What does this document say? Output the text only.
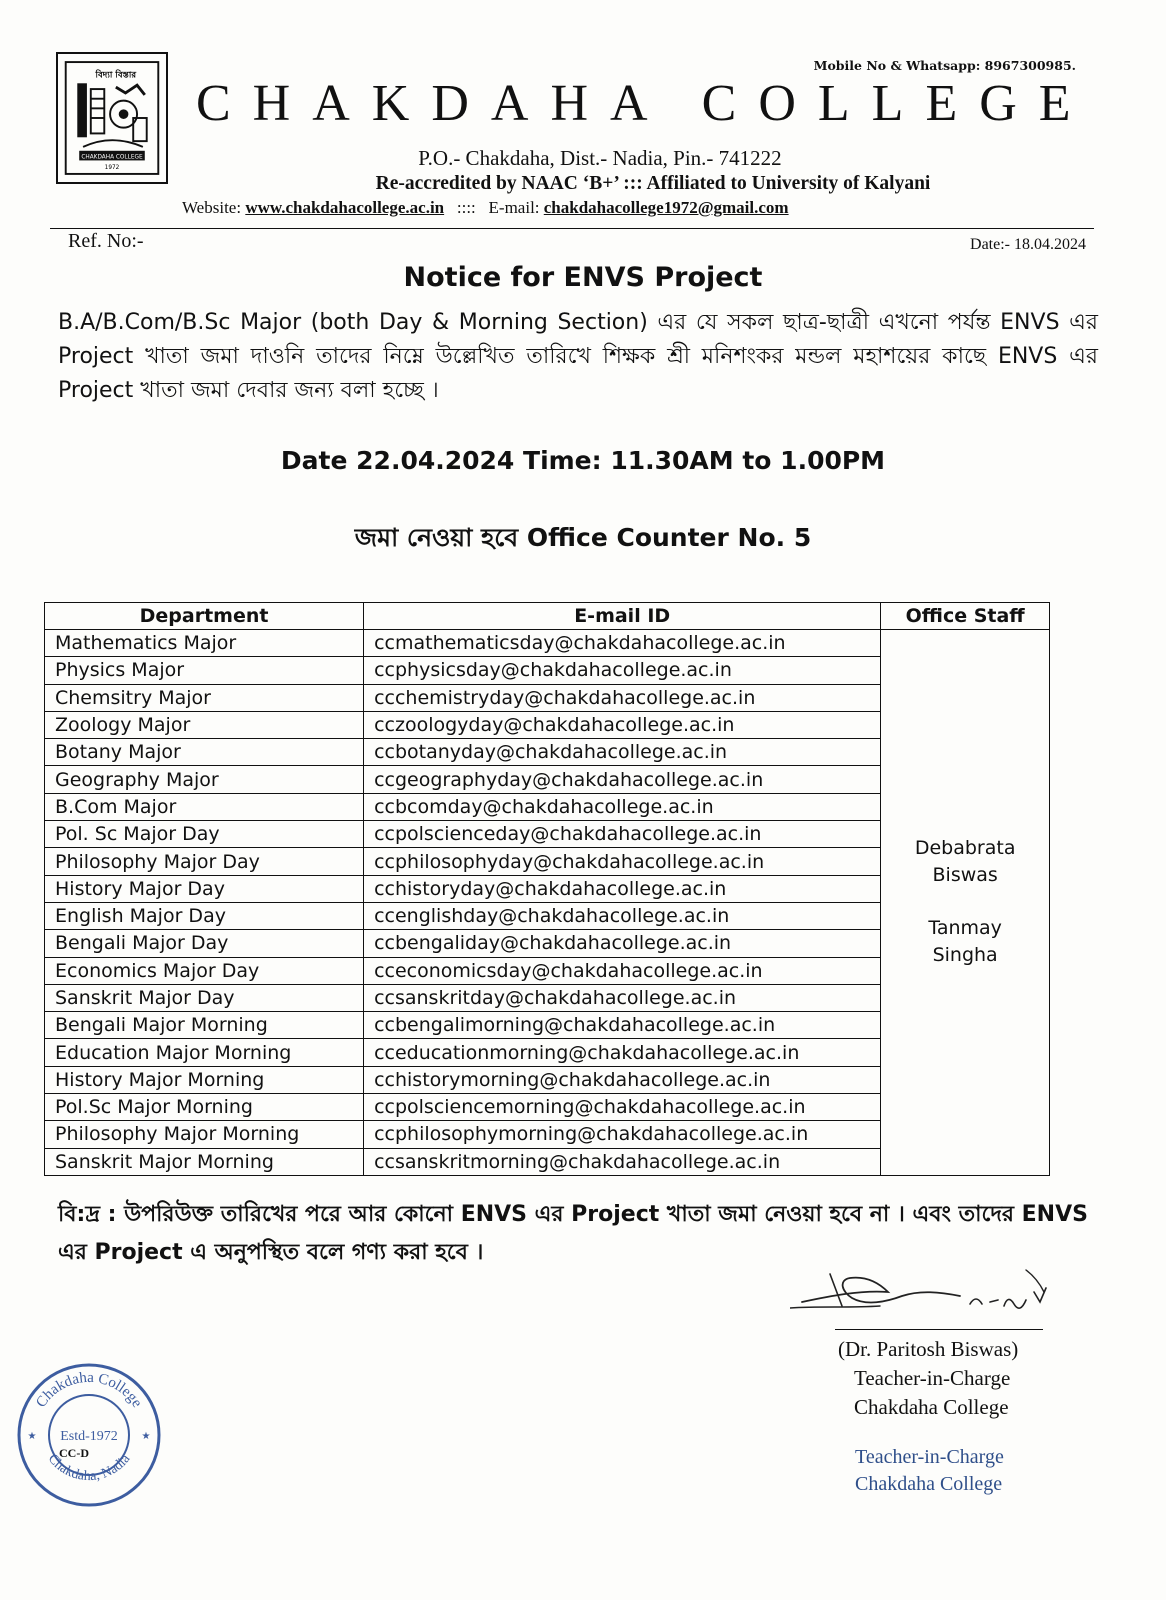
বিদ্যা বিস্তার
CHAKDAHA COLLEGE
1972
Mobile No & Whatsapp: 8967300985.
CHAKDAHA COLLEGE
P.O.- Chakdaha, Dist.- Nadia, Pin.- 741222
Re-accredited by NAAC ‘B+’ ::: Affiliated to University of Kalyani
Website: www.chakdahacollege.ac.in :::: E-mail: chakdahacollege1972@gmail.com
Ref. No:-	Date:- 18.04.2024
Notice for ENVS Project
B.A/B.Com/B.Sc Major (both Day & Morning Section) এর যে সকল ছাত্র-ছাত্রী এখনো পর্যন্ত ENVS এর Project খাতা জমা দাওনি তাদের নিম্নে উল্লেখিত তারিখে শিক্ষক শ্রী মনিশংকর মন্ডল মহাশয়ের কাছে ENVS এর Project খাতা জমা দেবার জন্য বলা হচ্ছে ।
Date 22.04.2024 Time: 11.30AM to 1.00PM
জমা নেওয়া হবে Office Counter No. 5
Department	E-mail ID	Office Staff
Mathematics Major	ccmathematicsday@chakdahacollege.ac.in	Debabrata
Biswas
Tanmay
Singha

Physics Major	ccphysicsday@chakdahacollege.ac.in	
Chemsitry Major	ccchemistryday@chakdahacollege.ac.in	
Zoology Major	cczoologyday@chakdahacollege.ac.in	
Botany Major	ccbotanyday@chakdahacollege.ac.in	
Geography Major	ccgeographyday@chakdahacollege.ac.in	
B.Com Major	ccbcomday@chakdahacollege.ac.in	
Pol. Sc Major Day	ccpolscienceday@chakdahacollege.ac.in	
Philosophy Major Day	ccphilosophyday@chakdahacollege.ac.in	
History Major Day	cchistoryday@chakdahacollege.ac.in	
English Major Day	ccenglishday@chakdahacollege.ac.in	
Bengali Major Day	ccbengaliday@chakdahacollege.ac.in	
Economics Major Day	cceconomicsday@chakdahacollege.ac.in	
Sanskrit Major Day	ccsanskritday@chakdahacollege.ac.in	
Bengali Major Morning	ccbengalimorning@chakdahacollege.ac.in	
Education Major Morning	cceducationmorning@chakdahacollege.ac.in	
History Major Morning	cchistorymorning@chakdahacollege.ac.in	
Pol.Sc Major Morning	ccpolsciencemorning@chakdahacollege.ac.in	
Philosophy Major Morning	ccphilosophymorning@chakdahacollege.ac.in	
Sanskrit Major Morning	ccsanskritmorning@chakdahacollege.ac.in	
বি:দ্র : উপরিউক্ত তারিখের পরে আর কোনো ENVS এর Project খাতা জমা নেওয়া হবে না । এবং তাদের ENVS এর Project এ অনুপস্থিত বলে গণ্য করা হবে ।
(Dr. Paritosh Biswas)
Teacher-in-Charge
Chakdaha College
Teacher-in-Charge
Chakdaha College
Chakdaha College
Chakdaha, Nadia
Estd-1972
CC-D
★	★
